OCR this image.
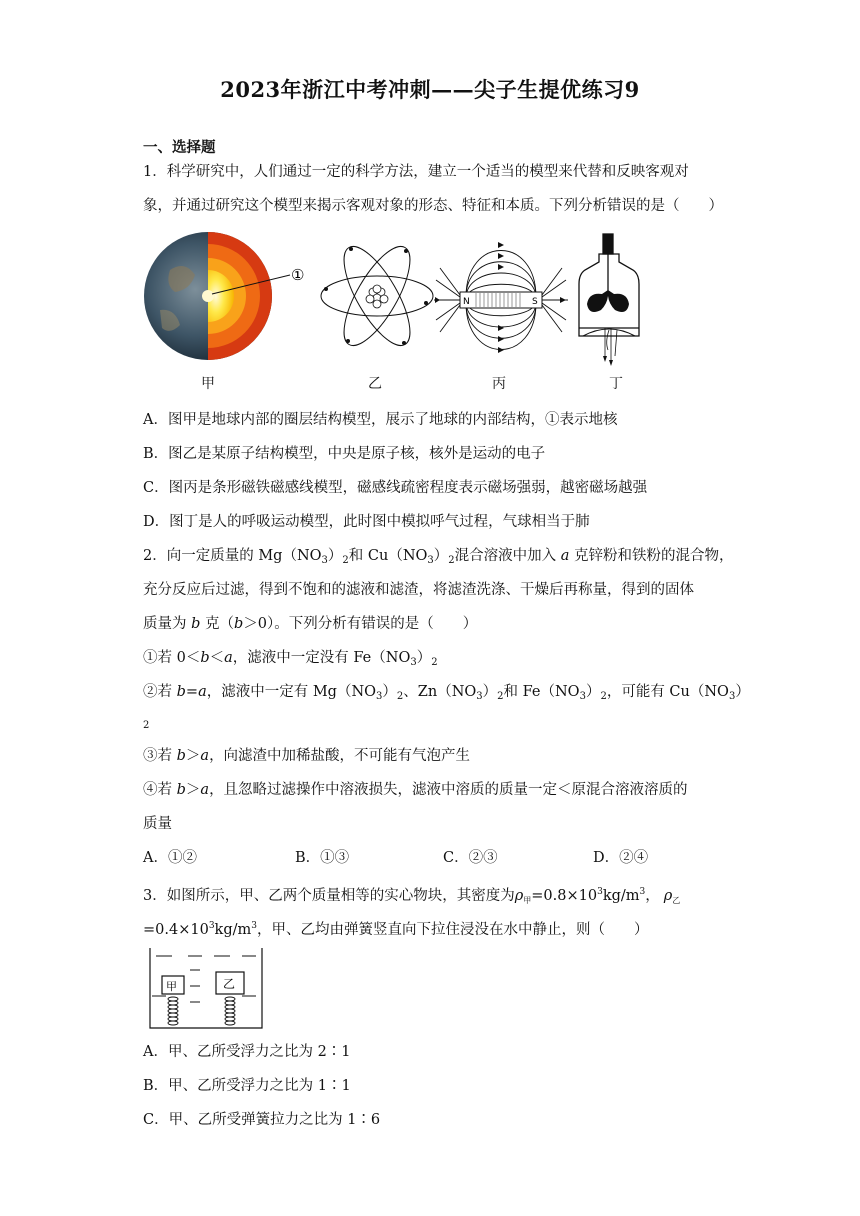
2023年浙江中考冲刺——尖子生提优练习9
一、选择题
1．科学研究中，人们通过一定的科学方法，建立一个适当的模型来代替和反映客观对
象，并通过研究这个模型来揭示客观对象的形态、特征和本质。下列分析错误的是（　　）
①
N	S
甲	乙	丙	丁
A．图甲是地球内部的圈层结构模型，展示了地球的内部结构，①表示地核
B．图乙是某原子结构模型，中央是原子核，核外是运动的电子
C．图丙是条形磁铁磁感线模型，磁感线疏密程度表示磁场强弱，越密磁场越强
D．图丁是人的呼吸运动模型，此时图中模拟呼气过程，气球相当于肺
2．向一定质量的 $Mg(NO_3)_2$和 $Cu(NO_3)_2$混合溶液中加入 a 克锌粉和铁粉的混合物，
充分反应后过滤，得到不饱和的滤液和滤渣，将滤渣洗涤、干燥后再称量，得到的固体
质量为 b 克（b＞0）。下列分析有错误的是（　　）
①若 0＜b＜a，滤液中一定没有 $Fe(NO_3)_2$
②若 b=a，滤液中一定有 $Mg(NO_3)_2$、$Zn(NO_3)_2$和 $Fe(NO_3)_2$，可能有 $Cu(NO_3)$
2
③若 b＞a，向滤渣中加稀盐酸，不可能有气泡产生
④若 b＞a，且忽略过滤操作中溶液损失，滤液中溶质的质量一定＜原混合溶液溶质的
质量
A．①②	B．①③	C．②③	D．②④
3．如图所示，甲、乙两个质量相等的实心物块，其密度为$\rho_甲=0.8\times 10^3kg/m^3$， $\rho_乙$
$=0.4\times 10^3kg/m^3$，甲、乙均由弹簧竖直向下拉住浸没在水中静止，则（　　）
甲	乙
A．甲、乙所受浮力之比为 2∶1
B．甲、乙所受浮力之比为 1∶1
C．甲、乙所受弹簧拉力之比为 1∶6
